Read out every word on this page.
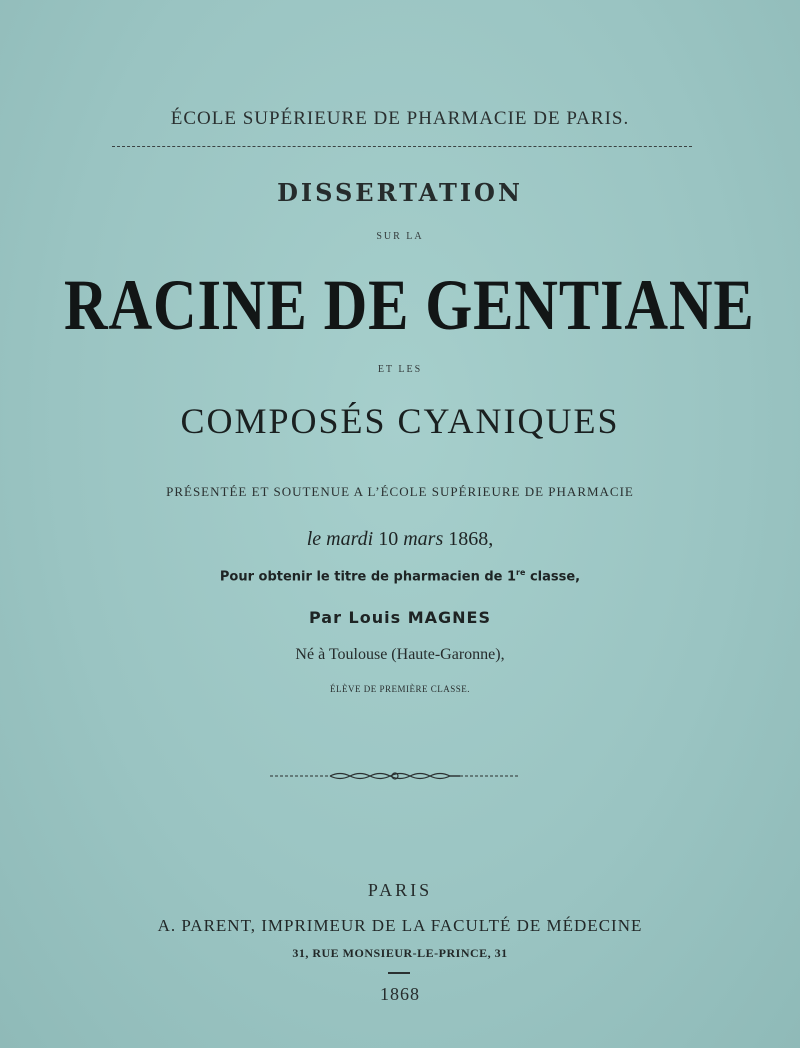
ÉCOLE SUPÉRIEURE DE PHARMACIE DE PARIS.
DISSERTATION
SUR LA
RACINE DE GENTIANE
ET LES
COMPOSÉS CYANIQUES
PRÉSENTÉE ET SOUTENUE A L’ÉCOLE SUPÉRIEURE DE PHARMACIE
le mardi 10 mars 1868,
Pour obtenir le titre de pharmacien de 1re classe,
Par Louis MAGNES
Né à Toulouse (Haute-Garonne),
ÉLÈVE DE PREMIÈRE CLASSE.
PARIS
A. PARENT, IMPRIMEUR DE LA FACULTÉ DE MÉDECINE
31, RUE MONSIEUR-LE-PRINCE, 31
1868
